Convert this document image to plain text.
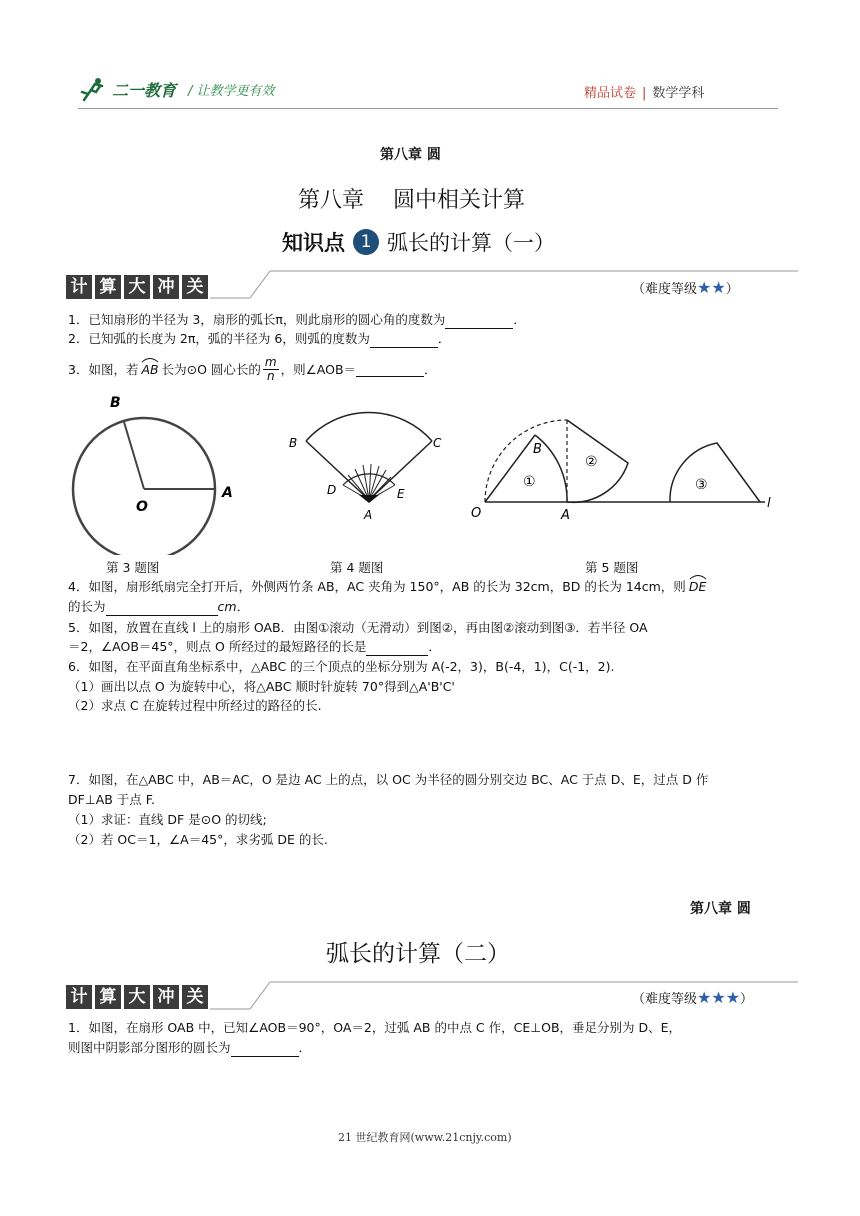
二一教育 / 让教学更有效	精品试卷 | 数学学科
第八章 圆
第八章　 圆中相关计算
知识点 1 弧长的计算（一）
计 算 大 冲 关	（难度等级★★）
1．已知扇形的半径为 3，扇形的弧长π，则此扇形的圆心角的度数为	．
2．已知弧的长度为 2π，弧的半径为 6，则弧的度数为	．
3．如图，若 AB 长为⊙O 圆心长的 m
n ，则∠AOB＝	．
B
O
A
B	C
D	E
A
B
O	A
l
①
②
③
第 3 题图	第 4 题图	第 5 题图
4．如图，扇形纸扇完全打开后，外侧两竹条 AB，AC 夹角为 150°，AB 的长为 32cm，BD 的长为 14cm，则 DE
的长为	cm．
5．如图，放置在直线 l 上的扇形 OAB．由图①滚动（无滑动）到图②，再由图②滚动到图③．若半径 OA
＝2，∠AOB＝45°，则点 O 所经过的最短路径的长是	．
6．如图，在平面直角坐标系中，△ABC 的三个顶点的坐标分别为 A(-2，3)，B(-4，1)，C(-1，2).
（1）画出以点 O 为旋转中心，将△ABC 顺时针旋转 70°得到△A'B'C'
（2）求点 C 在旋转过程中所经过的路径的长.
7．如图，在△ABC 中，AB＝AC，O 是边 AC 上的点，以 OC 为半径的圆分别交边 BC、AC 于点 D、E，过点 D 作
DF⊥AB 于点 F.
（1）求证：直线 DF 是⊙O 的切线;
（2）若 OC＝1，∠A＝45°，求劣弧 DE 的长.
第八章 圆
弧长的计算（二）
计 算 大 冲 关	（难度等级★★★）
1．如图，在扇形 OAB 中，已知∠AOB＝90°，OA＝2，过弧 AB 的中点 C 作，CE⊥OB，垂足分别为 D、E，
则图中阴影部分图形的圆长为	．
21 世纪教育网(www.21cnjy.com)
